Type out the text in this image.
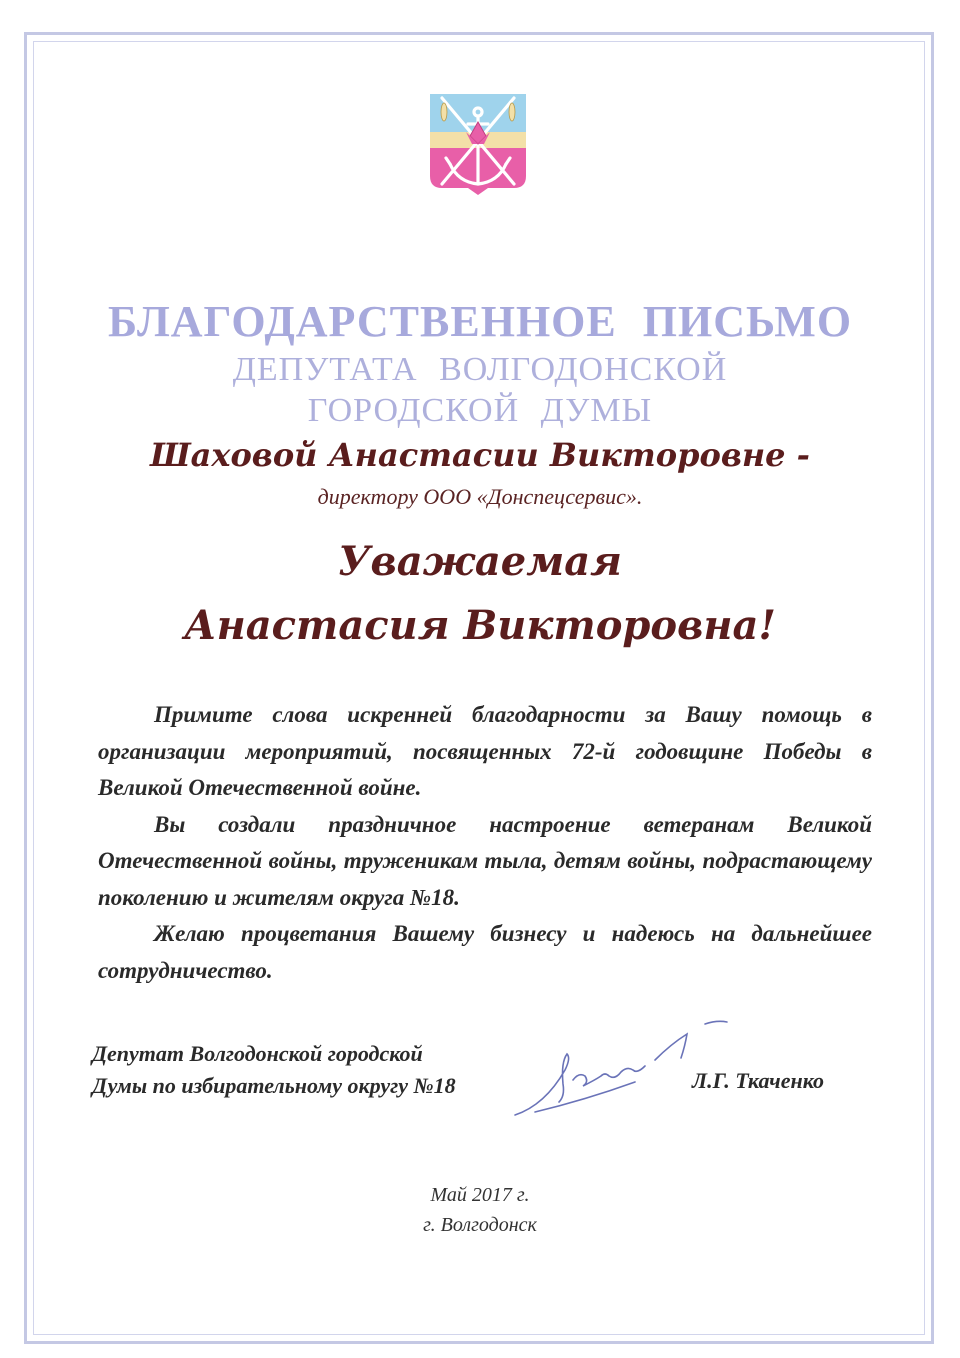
БЛАГОДАРСТВЕННОЕ ПИСЬМО
ДЕПУТАТА ВОЛГОДОНСКОЙ
ГОРОДСКОЙ ДУМЫ
Шаховой Анастасии Викторовне -
директору ООО «Донспецсервис».
Уважаемая
Анастасия Викторовна!

Примите слова искренней благодарности за Вашу помощь в организации мероприятий, посвященных 72-й годовщине Победы в Великой Отечественной войне.

Вы создали праздничное настроение ветеранам Великой Отечественной войны, труженикам тыла, детям войны, подрастающему поколению и жителям округа №18.

Желаю процветания Вашему бизнесу и надеюсь на дальнейшее сотрудничество.

Депутат Волгодонской городской
Думы по избирательному округу №18	Л.Г. Ткаченко
Май 2017 г.
г. Волгодонск
